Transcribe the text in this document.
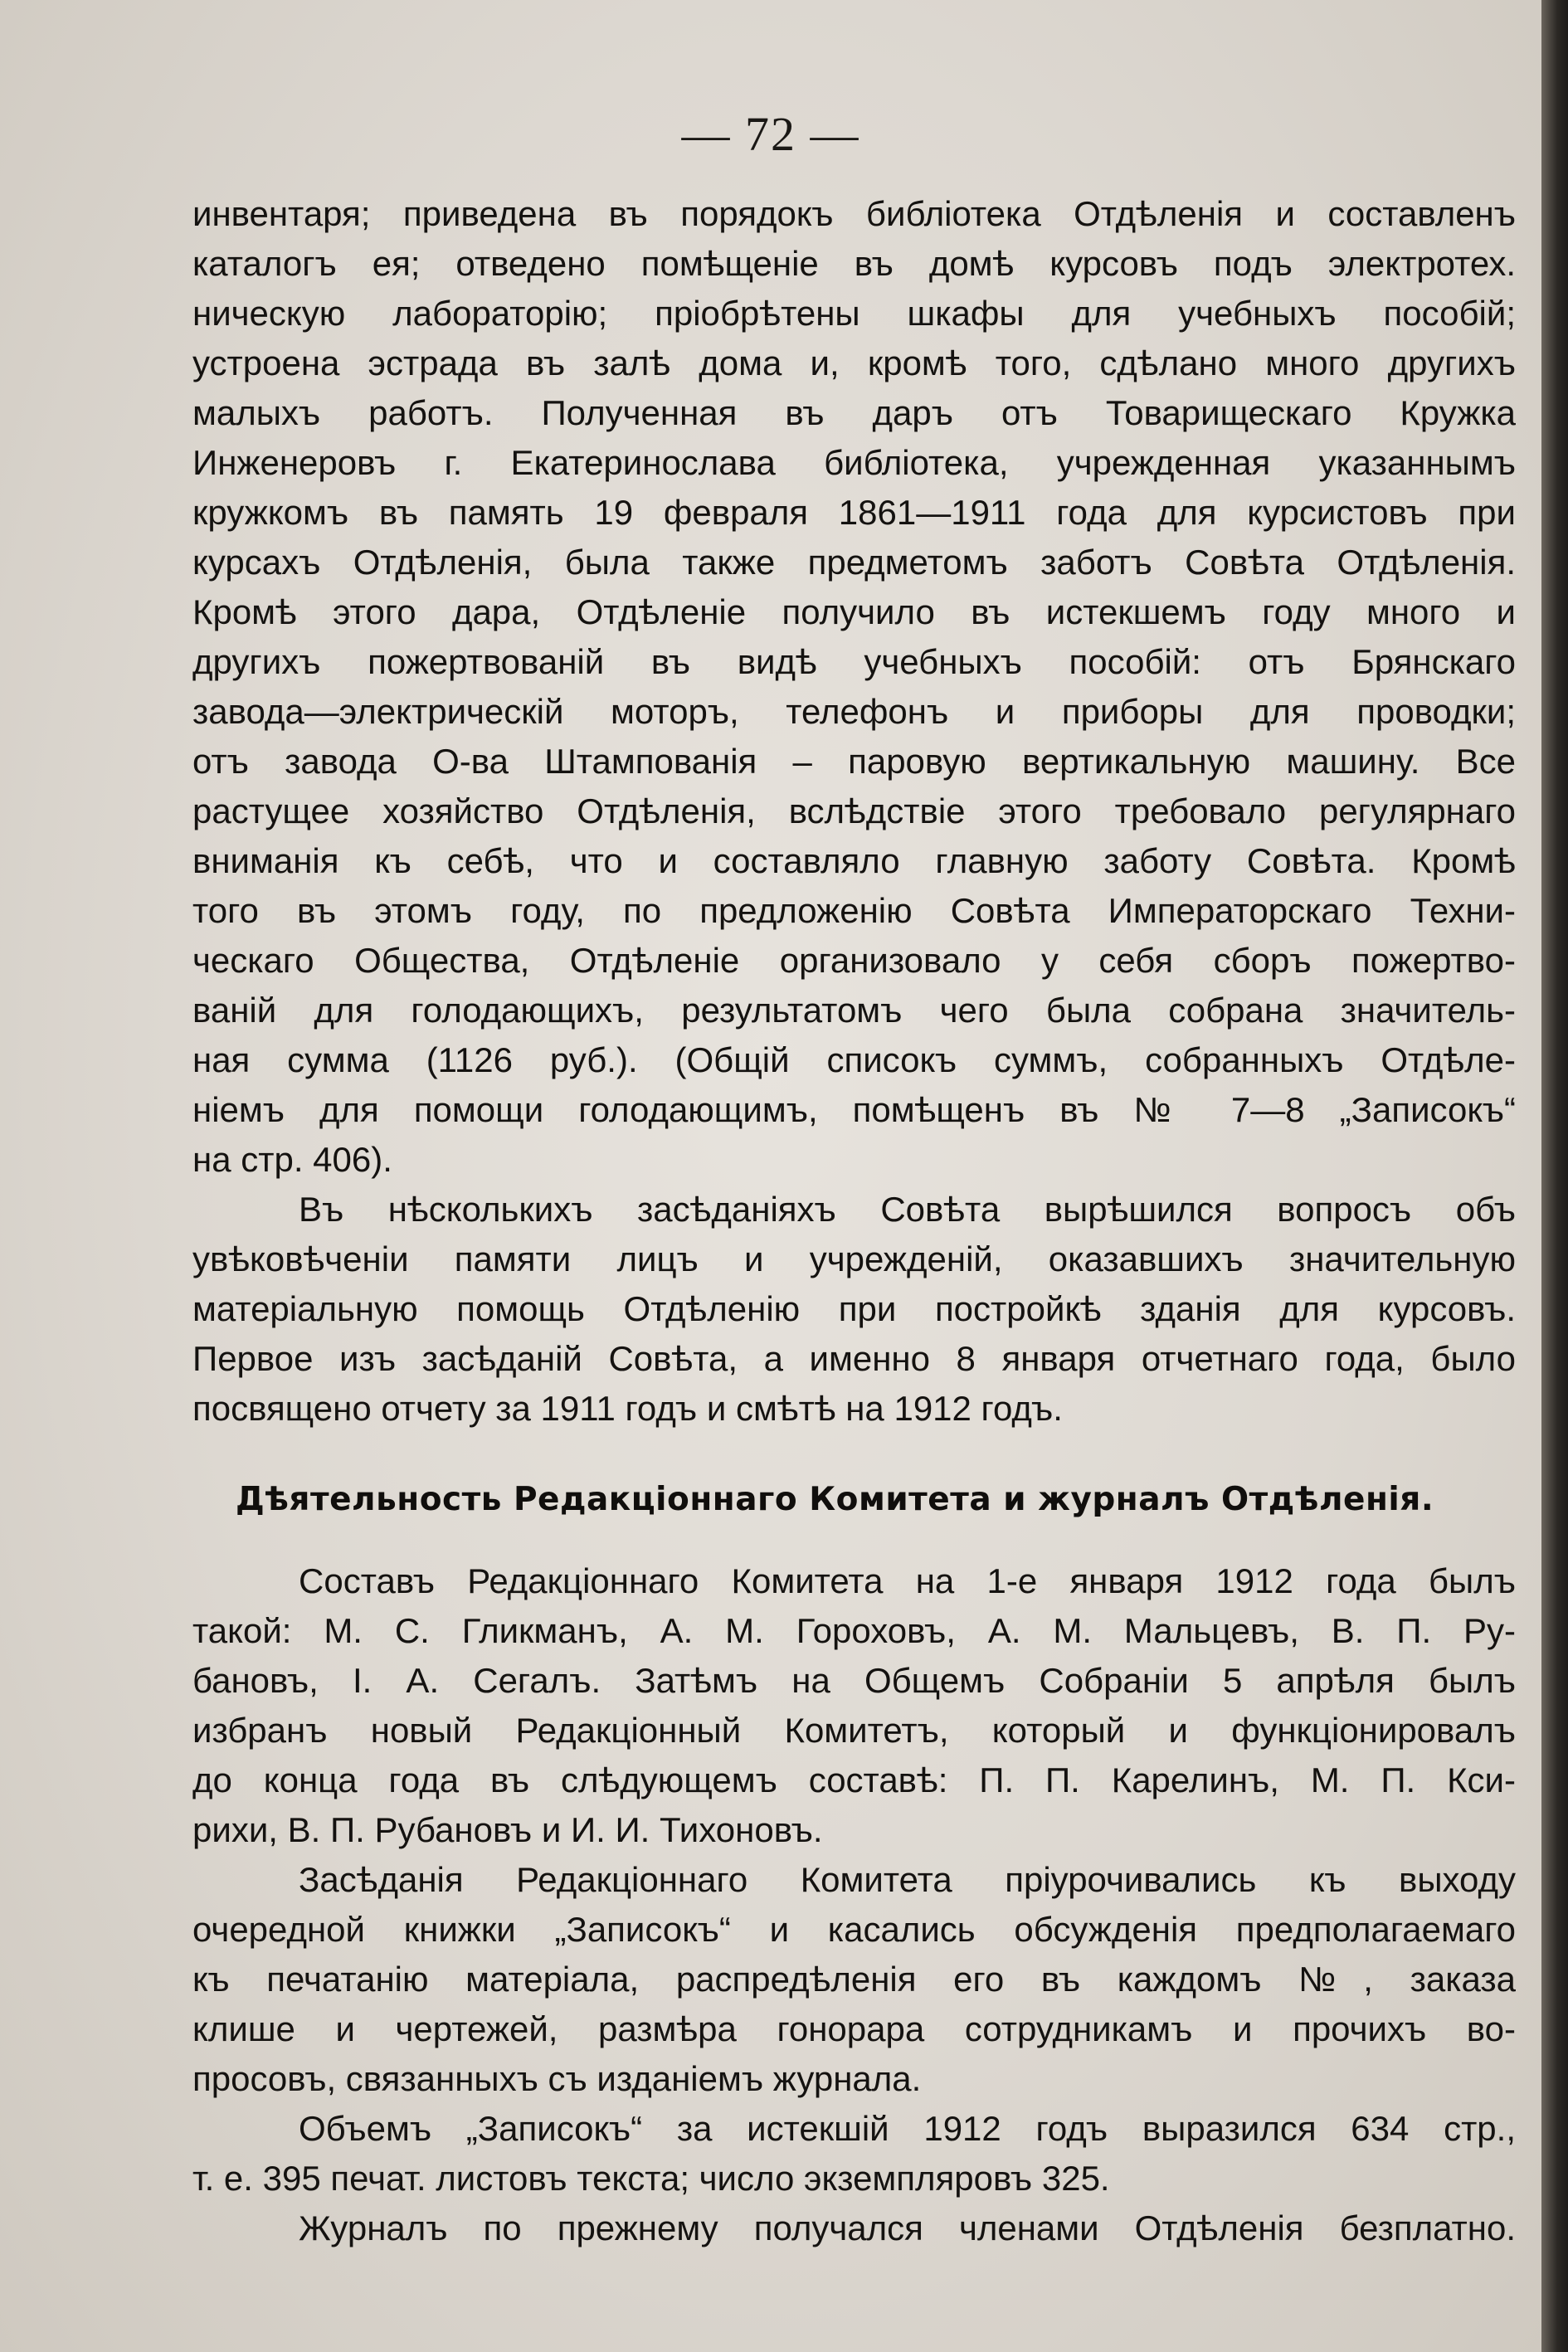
— 72 —
инвентаря; приведена въ порядокъ библіотека Отдѣленія и составленъ
каталогъ ея; отведено помѣщеніе въ домѣ курсовъ подъ электротех.
ническую лабораторію; пріобрѣтены шкафы для учебныхъ пособій;
устроена эстрада въ залѣ дома и, кромѣ того, сдѣлано много другихъ
малыхъ работъ. Полученная въ даръ отъ Товарищескаго Кружка
Инженеровъ г. Екатеринослава библіотека, учрежденная указаннымъ
кружкомъ въ память 19 февраля 1861—1911 года для курсистовъ при
курсахъ Отдѣленія, была также предметомъ заботъ Совѣта Отдѣленія.
Кромѣ этого дара, Отдѣленіе получило въ истекшемъ году много и
другихъ пожертвованій въ видѣ учебныхъ пособій: отъ Брянскаго
завода—электрическій моторъ, телефонъ и приборы для проводки;
отъ завода О-ва Штампованія – паровую вертикальную машину. Все
растущее хозяйство Отдѣленія, вслѣдствіе этого требовало регулярнаго
вниманія къ себѣ, что и составляло главную заботу Совѣта. Кромѣ
того въ этомъ году, по предложенію Совѣта Императорскаго Техни-
ческаго Общества, Отдѣленіе организовало у себя сборъ пожертво-
ваній для голодающихъ, результатомъ чего была собрана значитель-
ная сумма (1126 руб.). (Общій списокъ суммъ, собранныхъ Отдѣле-
ніемъ для помощи голодающимъ, помѣщенъ въ № 7—8 „Записокъ“
на стр. 406).
Въ нѣсколькихъ засѣданіяхъ Совѣта вырѣшился вопросъ объ
увѣковѣченіи памяти лицъ и учрежденій, оказавшихъ значительную
матеріальную помощь Отдѣленію при постройкѣ зданія для курсовъ.
Первое изъ засѣданій Совѣта, а именно 8 января отчетнаго года, было
посвящено отчету за 1911 годъ и смѣтѣ на 1912 годъ.
Дѣятельность Редакціоннаго Комитета и журналъ Отдѣленія.
Составъ Редакціоннаго Комитета на 1-е января 1912 года былъ
такой: М. С. Гликманъ, А. М. Гороховъ, А. М. Мальцевъ, В. П. Ру-
бановъ, І. А. Сегалъ. Затѣмъ на Общемъ Собраніи 5 апрѣля былъ
избранъ новый Редакціонный Комитетъ, который и функціонировалъ
до конца года въ слѣдующемъ составѣ: П. П. Карелинъ, М. П. Кси-
рихи, В. П. Рубановъ и И. И. Тихоновъ.
Засѣданія Редакціоннаго Комитета пріурочивались къ выходу
очередной книжки „Записокъ“ и касались обсужденія предполагаемаго
къ печатанію матеріала, распредѣленія его въ каждомъ №, заказа
клише и чертежей, размѣра гонорара сотрудникамъ и прочихъ во-
просовъ, связанныхъ съ изданіемъ журнала.
Объемъ „Записокъ“ за истекшій 1912 годъ выразился 634 стр.,
т. е. 395 печат. листовъ текста; число экземпляровъ 325.
Журналъ по прежнему получался членами Отдѣленія безплатно.
